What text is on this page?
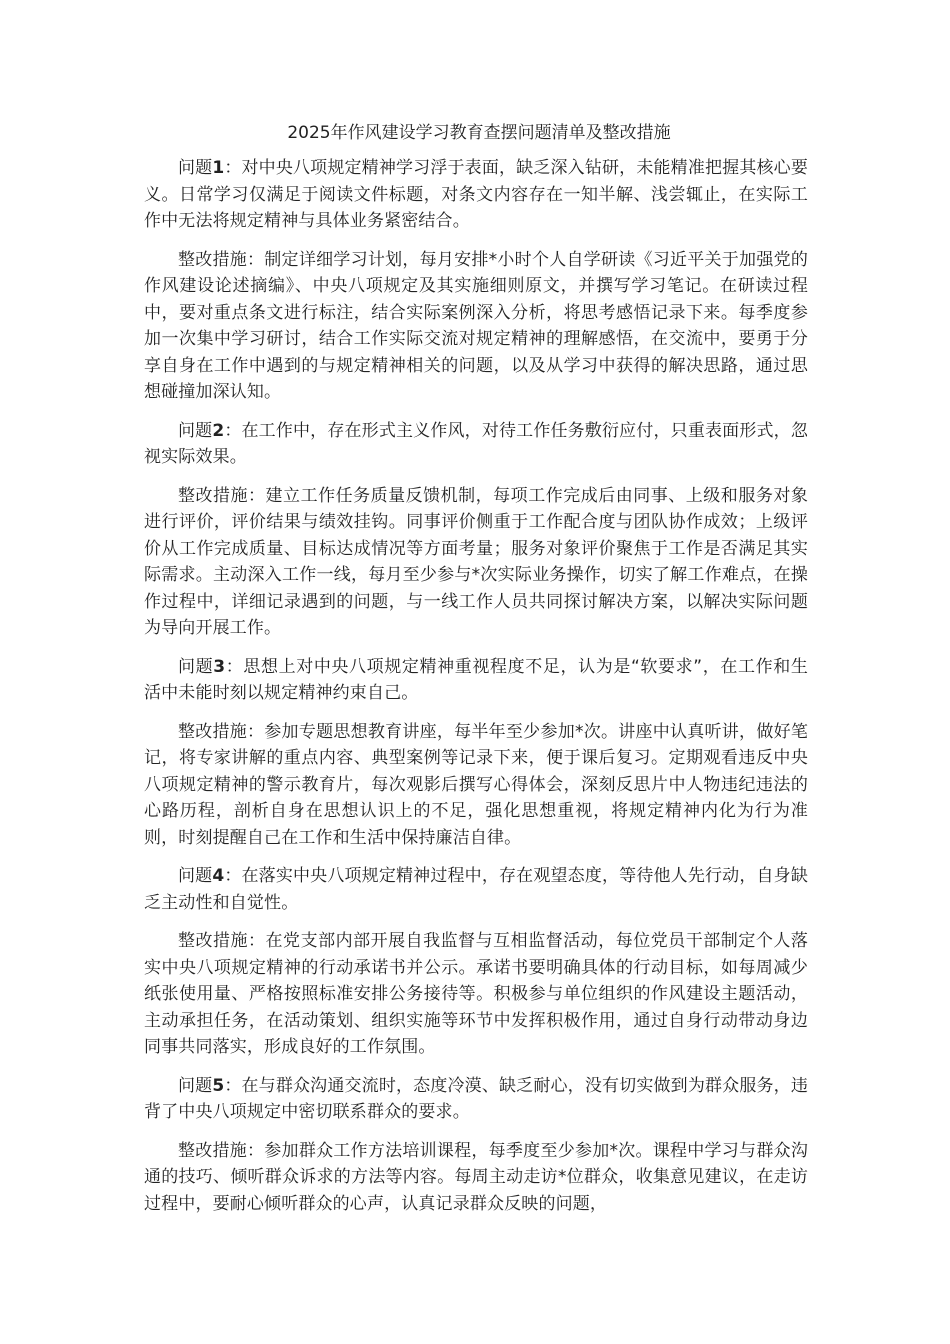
2025年作风建设学习教育查摆问题清单及整改措施

问题1：对中央八项规定精神学习浮于表面，缺乏深入钻研，未能精准把握其核心要义。日常学习仅满足于阅读文件标题，对条文内容存在一知半解、浅尝辄止，在实际工作中无法将规定精神与具体业务紧密结合。

整改措施：制定详细学习计划，每月安排*小时个人自学研读《习近平关于加强党的作风建设论述摘编》、中央八项规定及其实施细则原文，并撰写学习笔记。在研读过程中，要对重点条文进行标注，结合实际案例深入分析，将思考感悟记录下来。每季度参加一次集中学习研讨，结合工作实际交流对规定精神的理解感悟，在交流中，要勇于分享自身在工作中遇到的与规定精神相关的问题，以及从学习中获得的解决思路，通过思想碰撞加深认知。

问题2：在工作中，存在形式主义作风，对待工作任务敷衍应付，只重表面形式，忽视实际效果。

整改措施：建立工作任务质量反馈机制，每项工作完成后由同事、上级和服务对象进行评价，评价结果与绩效挂钩。同事评价侧重于工作配合度与团队协作成效；上级评价从工作完成质量、目标达成情况等方面考量；服务对象评价聚焦于工作是否满足其实际需求。主动深入工作一线，每月至少参与*次实际业务操作，切实了解工作难点，在操作过程中，详细记录遇到的问题，与一线工作人员共同探讨解决方案，以解决实际问题为导向开展工作。

问题3：思想上对中央八项规定精神重视程度不足，认为是“软要求”，在工作和生活中未能时刻以规定精神约束自己。

整改措施：参加专题思想教育讲座，每半年至少参加*次。讲座中认真听讲，做好笔记，将专家讲解的重点内容、典型案例等记录下来，便于课后复习。定期观看违反中央八项规定精神的警示教育片，每次观影后撰写心得体会，深刻反思片中人物违纪违法的心路历程，剖析自身在思想认识上的不足，强化思想重视，将规定精神内化为行为准则，时刻提醒自己在工作和生活中保持廉洁自律。

问题4：在落实中央八项规定精神过程中，存在观望态度，等待他人先行动，自身缺乏主动性和自觉性。

整改措施：在党支部内部开展自我监督与互相监督活动，每位党员干部制定个人落实中央八项规定精神的行动承诺书并公示。承诺书要明确具体的行动目标，如每周减少纸张使用量、严格按照标准安排公务接待等。积极参与单位组织的作风建设主题活动，主动承担任务，在活动策划、组织实施等环节中发挥积极作用，通过自身行动带动身边同事共同落实，形成良好的工作氛围。

问题5：在与群众沟通交流时，态度冷漠、缺乏耐心，没有切实做到为群众服务，违背了中央八项规定中密切联系群众的要求。

整改措施：参加群众工作方法培训课程，每季度至少参加*次。课程中学习与群众沟通的技巧、倾听群众诉求的方法等内容。每周主动走访*位群众，收集意见建议，在走访过程中，要耐心倾听群众的心声，认真记录群众反映的问题，
